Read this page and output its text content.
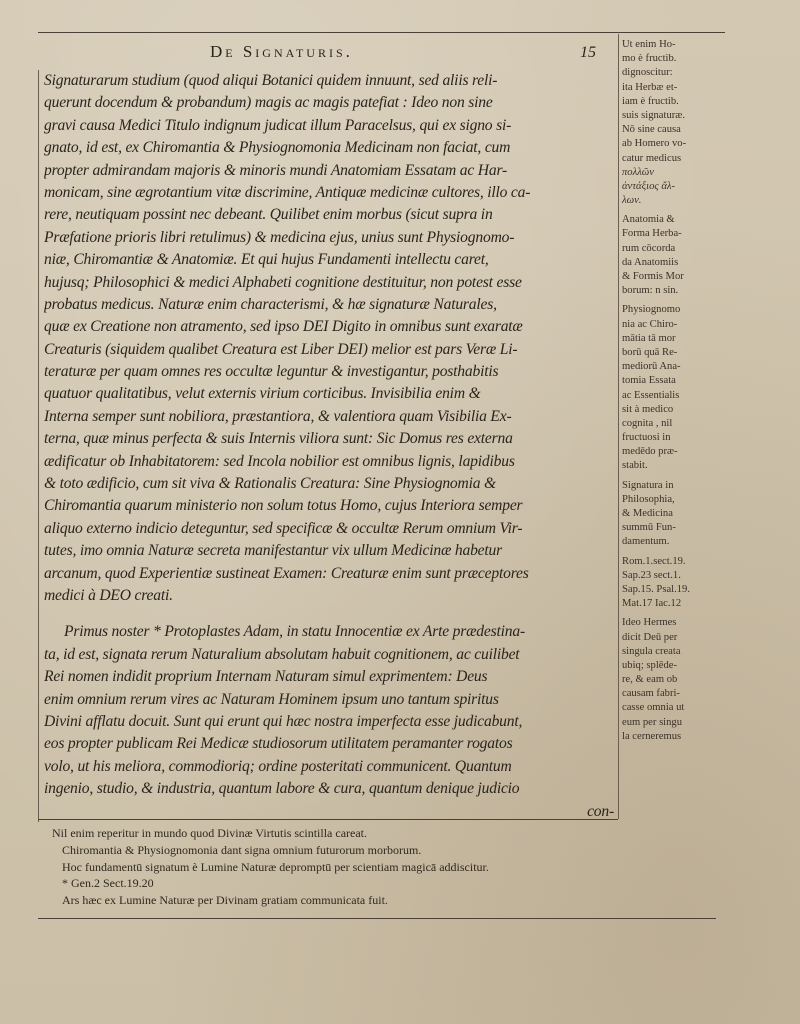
De Signaturis.	15
Signaturarum studium (quod aliqui Botanici quidem innuunt, sed aliis reli-
querunt docendum & probandum) magis ac magis patefiat : Ideo non sine
gravi causa Medici Titulo indignum judicat illum Paracelsus, qui ex signo si-
gnato, id est, ex Chiromantia & Physiognomonia Medicinam non faciat, cum
propter admirandam majoris & minoris mundi Anatomiam Essatam ac Har-
monicam, sine ægrotantium vitæ discrimine, Antiquæ medicinæ cultores, illo ca-
rere, neutiquam possint nec debeant. Quilibet enim morbus (sicut supra in
Præfatione prioris libri retulimus) & medicina ejus, unius sunt Physiognomo-
niæ, Chiromantiæ & Anatomiæ. Et qui hujus Fundamenti intellectu caret,
hujusq; Philosophici & medici Alphabeti cognitione destituitur, non potest esse
probatus medicus. Naturæ enim characterismi, & hæ signaturæ Naturales,
quæ ex Creatione non atramento, sed ipso DEI Digito in omnibus sunt exaratæ
Creaturis (siquidem qualibet Creatura est Liber DEI) melior est pars Veræ Li-
teraturæ per quam omnes res occultæ leguntur & investigantur, posthabitis
quatuor qualitatibus, velut externis virium corticibus. Invisibilia enim &
Interna semper sunt nobiliora, præstantiora, & valentiora quam Visibilia Ex-
terna, quæ minus perfecta & suis Internis viliora sunt: Sic Domus res externa
ædificatur ob Inhabitatorem: sed Incola nobilior est omnibus lignis, lapidibus
& toto ædificio, cum sit viva & Rationalis Creatura: Sine Physiognomia &
Chiromantia quarum ministerio non solum totus Homo, cujus Interiora semper
aliquo externo indicio deteguntur, sed specificæ & occultæ Rerum omnium Vir-
tutes, imo omnia Naturæ secreta manifestantur vix ullum Medicinæ habetur
arcanum, quod Experientiæ sustineat Examen: Creaturæ enim sunt præceptores
medici à DEO creati.
Primus noster * Protoplastes Adam, in statu Innocentiæ ex Arte prædestina-
ta, id est, signata rerum Naturalium absolutam habuit cognitionem, ac cuilibet
Rei nomen indidit proprium Internam Naturam simul exprimentem: Deus
enim omnium rerum vires ac Naturam Hominem ipsum uno tantum spiritus
Divini afflatu docuit. Sunt qui erunt qui hæc nostra imperfecta esse judicabunt,
eos propter publicam Rei Medicæ studiosorum utilitatem peramanter rogatos
volo, ut his meliora, commodioriq; ordine posteritati communicent. Quantum
ingenio, studio, & industria, quantum labore & cura, quantum denique judicio
con-
Ut enim Ho-
mo è fructib.
dignoscitur:
ita Herbæ et-
iam è fructib.
suis signaturæ.
Nō sine causa
ab Homero vo-
catur medicus
πολλῶν
ἀντάξιος ἄλ-
λων.
Anatomia &
Forma Herba-
rum cōcorda
da Anatomiis
& Formis Mor
borum: n sin.
Physiognomo
nia ac Chiro-
mātia tā mor
borū quā Re-
mediorū Ana-
tomia Essata
ac Essentialis
sit à medico
cognita , nil
fructuosi in
medēdo præ-
stabit.
Signatura in
Philosophia,
& Medicina
summū Fun-
damentum.
Rom.1.sect.19.
Sap.23 sect.1.
Sap.15. Psal.19.
Mat.17 Iac.12
Ideo Hermes
dicit Deū per
singula creata
ubiq; splēde-
re, & eam ob
causam fabri-
casse omnia ut
eum per singu
la cerneremus
Nil enim reperitur in mundo quod Divinæ Virtutis scintilla careat.
Chiromantia & Physiognomonia dant signa omnium futurorum morborum.
Hoc fundamentū signatum è Lumine Naturæ depromptū per scientiam magicā addiscitur.
* Gen.2 Sect.19.20
Ars hæc ex Lumine Naturæ per Divinam gratiam communicata fuit.
